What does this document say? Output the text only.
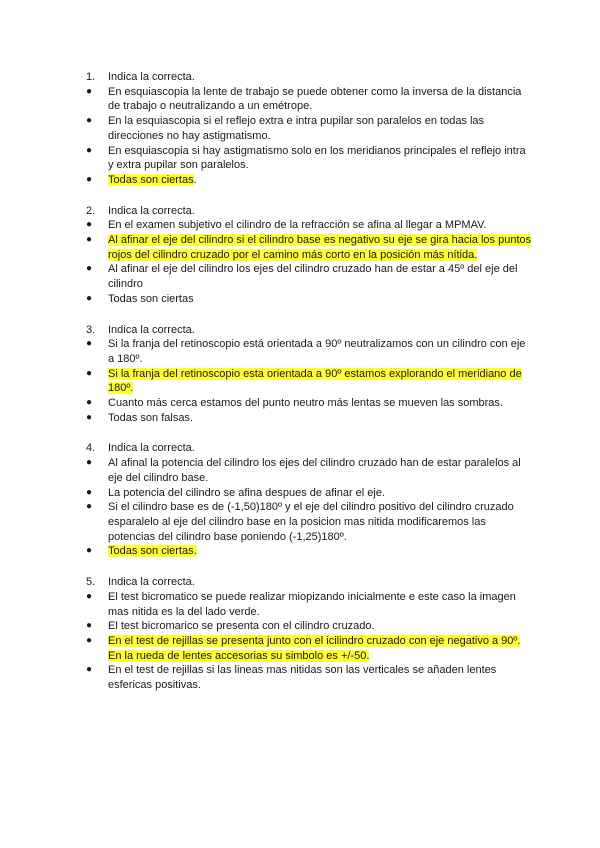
1.	Indica la correcta.
●	En esquiascopia la lente de trabajo se puede obtener como la inversa de la distancia de trabajo o neutralizando a un emétrope.
●	En la esquiascopia si el reflejo extra e intra pupilar son paralelos en todas las direcciones no hay astigmatismo.
●	En esquiascopia si hay astigmatismo solo en los meridianos principales el reflejo intra y extra pupilar son paralelos.
●	Todas son ciertas.
2.	Indica la correcta.
●	En el examen subjetivo el cilindro de la refracción se afina al llegar a MPMAV.
●	Al afinar el eje del cilindro si el cilindro base es negativo su eje se gira hacia los puntos rojos del cilindro cruzado por el camino más corto en la posición más nítida.
●	Al afinar el eje del cilindro los ejes del cilindro cruzado han de estar a 45º del eje del cilindro
●	Todas son ciertas
3.	Indica la correcta.
●	Si la franja del retinoscopio está orientada a 90º neutralizamos con un cilindro con eje a 180º.
●	Si la franja del retinoscopio esta orientada a 90º estamos explorando el meridiano de 180º.
●	Cuanto más cerca estamos del punto neutro más lentas se mueven las sombras.
●	Todas son falsas.
4.	Indica la correcta.
●	Al afinal la potencia del cilindro los ejes del cilindro cruzado han de estar paralelos al eje del cilindro base.
●	La potencia del cilindro se afina despues de afinar el eje.
●	Si el cilindro base es de (-1,50)180º y el eje del cilindro positivo del cilindro cruzado esparalelo al eje del cilindro base en la posicion mas nitida modificaremos las potencias del cilindro base poniendo (-1,25)180º.
●	Todas son ciertas.
5.	Indica la correcta.
●	El test bicromatico se puede realizar miopizando inicialmente e este caso la imagen mas nitida es la del lado verde.
●	El test bicromarico se presenta con el cilindro cruzado.
●	En el test de rejillas se presenta junto con el icilindro cruzado con eje negativo a 90º. En la rueda de lentes accesorias su simbolo es +/-50.
●	En el test de rejillas si las lineas mas nitidas son las verticales se añaden lentes esfericas positivas.
